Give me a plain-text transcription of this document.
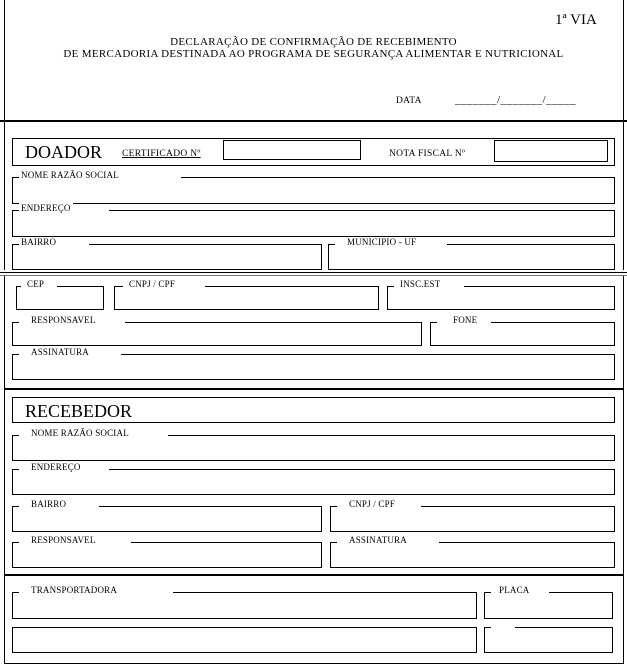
1ª VIA
DECLARAÇÃO DE CONFIRMAÇÃO DE RECEBIMENTO
DE MERCADORIA DESTINADA AO PROGRAMA DE SEGURANÇA ALIMENTAR E NUTRICIONAL
DATA	_______/_______/_____
DOADOR CERTIFICADO Nº	NOTA FISCAL Nº
NOME RAZÃO SOCIAL
ENDEREÇO
BAIRRO	MUNICIPIO - UF
CEP	CNPJ / CPF	INSC.EST
RESPONSAVEL	FONE
ASSINATURA
RECEBEDOR
NOME RAZÃO SOCIAL
ENDEREÇO
BAIRRO	CNPJ / CPF
RESPONSAVEL	ASSINATURA
TRANSPORTADORA	PLACA
